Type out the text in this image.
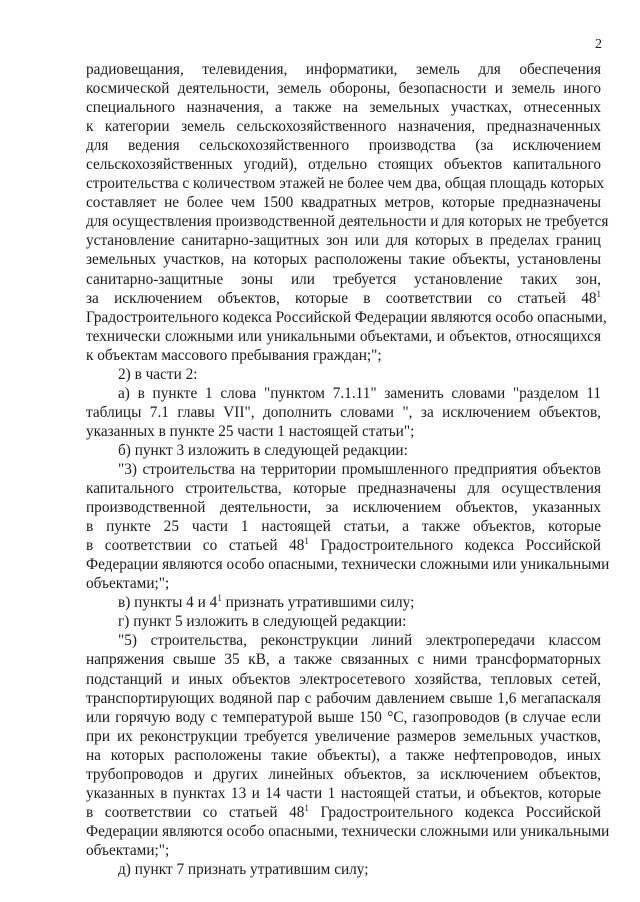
2
радиовещания, телевидения, информатики, земель для обеспечения
космической деятельности, земель обороны, безопасности и земель иного
специального назначения, а также на земельных участках, отнесенных
к категории земель сельскохозяйственного назначения, предназначенных
для ведения сельскохозяйственного производства (за исключением
сельскохозяйственных угодий), отдельно стоящих объектов капитального
строительства с количеством этажей не более чем два, общая площадь которых
составляет не более чем 1500 квадратных метров, которые предназначены
для осуществления производственной деятельности и для которых не требуется
установление санитарно-защитных зон или для которых в пределах границ
земельных участков, на которых расположены такие объекты, установлены
санитарно-защитные зоны или требуется установление таких зон,
за исключением объектов, которые в соответствии со статьей $48^1$
Градостроительного кодекса Российской Федерации являются особо опасными,
технически сложными или уникальными объектами, и объектов, относящихся
к объектам массового пребывания граждан;";
2) в части 2:
а) в пункте 1 слова "пунктом 7.1.11" заменить словами "разделом 11
таблицы 7.1 главы VII", дополнить словами ", за исключением объектов,
указанных в пункте 25 части 1 настоящей статьи";
б) пункт 3 изложить в следующей редакции:
"3) строительства на территории промышленного предприятия объектов
капитального строительства, которые предназначены для осуществления
производственной деятельности, за исключением объектов, указанных
в пункте 25 части 1 настоящей статьи, а также объектов, которые
в соответствии со статьей $48^1$ Градостроительного кодекса Российской
Федерации являются особо опасными, технически сложными или уникальными
объектами;";
в) пункты 4 и $4^1$ признать утратившими силу;
г) пункт 5 изложить в следующей редакции:
"5) строительства, реконструкции линий электропередачи классом
напряжения свыше 35 кВ, а также связанных с ними трансформаторных
подстанций и иных объектов электросетевого хозяйства, тепловых сетей,
транспортирующих водяной пар с рабочим давлением свыше 1,6 мегапаскаля
или горячую воду с температурой выше 150 °С, газопроводов (в случае если
при их реконструкции требуется увеличение размеров земельных участков,
на которых расположены такие объекты), а также нефтепроводов, иных
трубопроводов и других линейных объектов, за исключением объектов,
указанных в пунктах 13 и 14 части 1 настоящей статьи, и объектов, которые
в соответствии со статьей $48^1$ Градостроительного кодекса Российской
Федерации являются особо опасными, технически сложными или уникальными
объектами;";
д) пункт 7 признать утратившим силу;
